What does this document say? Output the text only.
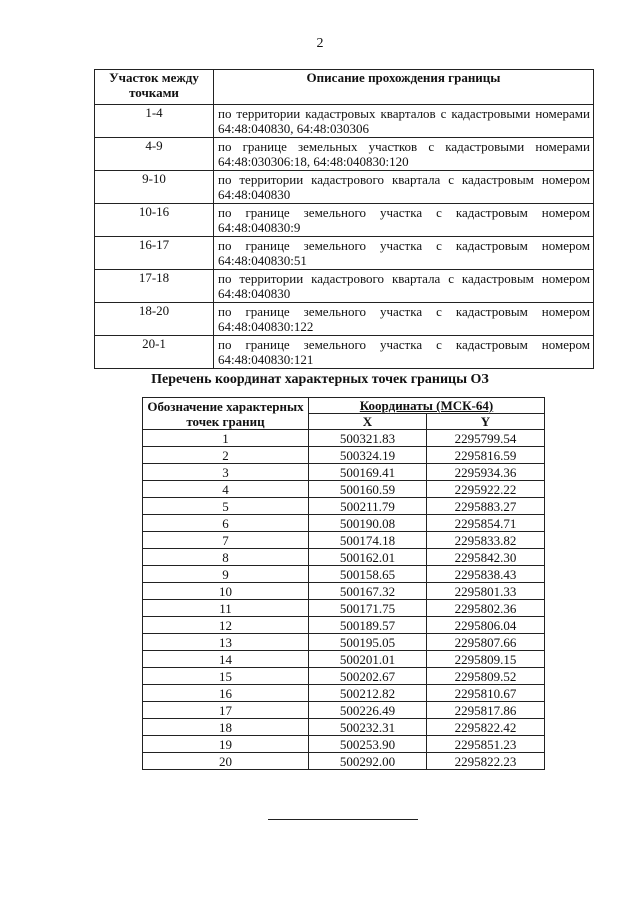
2
Участок между точками	Описание прохождения границы
1-4	по территории кадастровых кварталов с кадастровыми номерами 64:48:040830, 64:48:030306
4-9	по границе земельных участков с кадастровыми номерами 64:48:030306:18, 64:48:040830:120
9-10	по территории кадастрового квартала с кадастровым номером 64:48:040830
10-16	по границе земельного участка с кадастровым номером 64:48:040830:9
16-17	по границе земельного участка с кадастровым номером 64:48:040830:51
17-18	по территории кадастрового квартала с кадастровым номером 64:48:040830
18-20	по границе земельного участка с кадастровым номером 64:48:040830:122
20-1	по границе земельного участка с кадастровым номером 64:48:040830:121
Перечень координат характерных точек границы ОЗ
Обозначение характерных точек границ	Координаты (МСК-64)	
	X	Y
1	500321.83	2295799.54
2	500324.19	2295816.59
3	500169.41	2295934.36
4	500160.59	2295922.22
5	500211.79	2295883.27
6	500190.08	2295854.71
7	500174.18	2295833.82
8	500162.01	2295842.30
9	500158.65	2295838.43
10	500167.32	2295801.33
11	500171.75	2295802.36
12	500189.57	2295806.04
13	500195.05	2295807.66
14	500201.01	2295809.15
15	500202.67	2295809.52
16	500212.82	2295810.67
17	500226.49	2295817.86
18	500232.31	2295822.42
19	500253.90	2295851.23
20	500292.00	2295822.23
